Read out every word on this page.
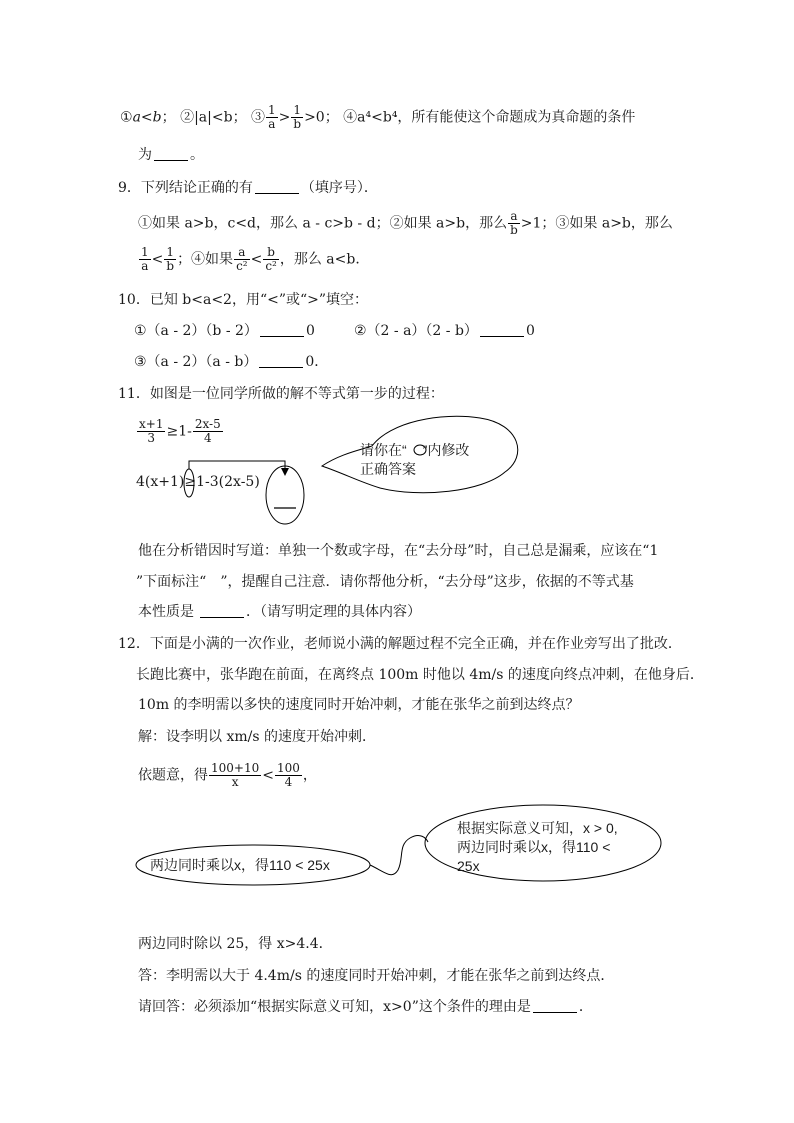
①a<b； ②|a|<b； ③ $\frac{1}{a} > \frac{1}{b} >0$； ④a⁴<b⁴，所有能使这个命题成为真命题的条件
为	。
9．下列结论正确的有	（填序号）．
①如果 a>b，c<d，那么 a - c>b - d；②如果 a>b，那么 $\frac{a}{b} >1$；③如果 a>b，那么
$\frac{1}{a} < \frac{1}{b}$ ；④如果 $\frac{a}{\text{c²}} < \frac{b}{\text{c²}}$ ，那么 a<b．
10．已知 b<a<2，用“<”或“>”填空：
①（a - 2）（b - 2）	0	②（2 - a）（2 - b）	0
③（a - 2）（a - b）	0．
11．如图是一位同学所做的解不等式第一步的过程：
$\frac{x+1}{3} \ge 1- \frac{2x-5}{4}$
4(x+1)≥1-3(2x-5)
请你在“ ”内修改
正确答案
他在分析错因时写道：单独一个数或字母，在“去分母”时，自己总是漏乘，应该在“1
”下面标注“　”，提醒自己注意．请你帮他分析，“去分母”这步，依据的不等式基
本性质是	．（请写明定理的具体内容）
12．下面是小满的一次作业，老师说小满的解题过程不完全正确，并在作业旁写出了批改．
长跑比赛中，张华跑在前面，在离终点 100m 时他以 4m/s 的速度向终点冲刺，在他身后．
10m 的李明需以多快的速度同时开始冲刺，才能在张华之前到达终点？
解：设李明以 xm/s 的速度开始冲刺．
依题意，得 $\frac{100+10}{x} < \frac{100}{4}$ ，
两边同时乘以x，得110 < 25x
根据实际意义可知，x > 0,
两边同时乘以x，得110 <
25x
两边同时除以 25，得 x>4.4．
答：李明需以大于 4.4m/s 的速度同时开始冲刺，才能在张华之前到达终点．
请回答：必须添加“根据实际意义可知，x>0”这个条件的理由是	．
